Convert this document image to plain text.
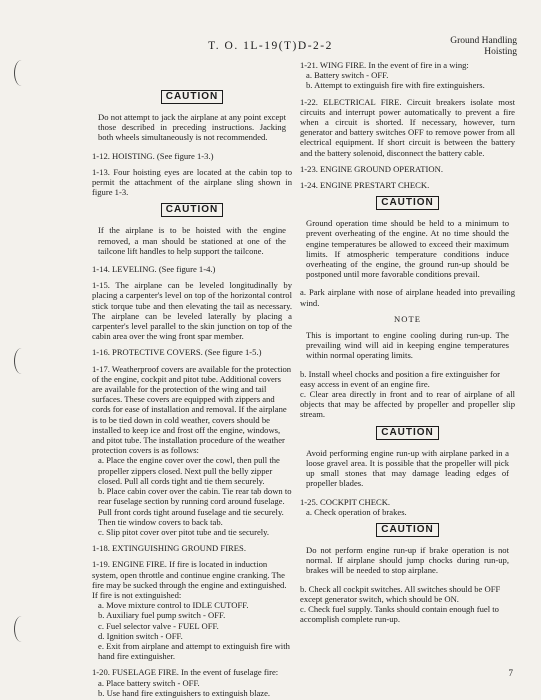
T. O. 1L-19(T)D-2-2	Ground Handling
Hoisting
CAUTION

Do not attempt to jack the airplane at any point except those described in preceding instructions. Jacking both wheels simultaneously is not recommended.

1-12. HOISTING. (See figure 1-3.)

1-13. Four hoisting eyes are located at the cabin top to permit the attachment of the airplane sling shown in figure 1-3.

CAUTION

If the airplane is to be hoisted with the engine removed, a man should be stationed at one of the tailcone lift handles to help support the tailcone.

1-14. LEVELING. (See figure 1-4.)

1-15. The airplane can be leveled longitudinally by placing a carpenter's level on top of the horizontal control stick torque tube and then elevating the tail as necessary. The airplane can be leveled laterally by placing a carpenter's level parallel to the skin junction on top of the cabin area over the wing front spar member.

1-16. PROTECTIVE COVERS. (See figure 1-5.)

1-17. Weatherproof covers are available for the protection of the engine, cockpit and pitot tube. Additional covers are available for the protection of the wing and tail surfaces. These covers are equipped with zippers and cords for ease of installation and removal. If the airplane is to be tied down in cold weather, covers should be installed to keep ice and frost off the engine, windows, and pitot tube. The installation procedure of the weather protection covers is as follows:

a. Place the engine cover over the cowl, then pull the propeller zippers closed. Next pull the belly zipper closed. Pull all cords tight and tie them securely.

b. Place cabin cover over the cabin. Tie rear tab down to rear fuselage section by running cord around fuselage. Pull front cords tight around fuselage and tie securely. Then tie window covers to back tab.

c. Slip pitot cover over pitot tube and tie securely.

1-18. EXTINGUISHING GROUND FIRES.

1-19. ENGINE FIRE. If fire is located in induction system, open throttle and continue engine cranking. The fire may be sucked through the engine and extinguished. If fire is not extinguished:

a. Move mixture control to IDLE CUTOFF.

b. Auxiliary fuel pump switch - OFF.

c. Fuel selector valve - FUEL OFF.

d. Ignition switch - OFF.

e. Exit from airplane and attempt to extinguish fire with hand fire extinguisher.

1-20. FUSELAGE FIRE. In the event of fuselage fire:

a. Place battery switch - OFF.

b. Use hand fire extinguishers to extinguish blaze.

1-21. WING FIRE. In the event of fire in a wing:

a. Battery switch - OFF.

b. Attempt to extinguish fire with fire extinguishers.

1-22. ELECTRICAL FIRE. Circuit breakers isolate most circuits and interrupt power automatically to prevent a fire when a circuit is shorted. If necessary, however, turn generator and battery switches OFF to remove power from all electrical equipment. If short circuit is between the battery and the battery solenoid, disconnect the battery cable.

1-23. ENGINE GROUND OPERATION.

1-24. ENGINE PRESTART CHECK.

CAUTION

Ground operation time should be held to a minimum to prevent overheating of the engine. At no time should the engine temperatures be allowed to exceed their maximum limits. If atmospheric temperature conditions induce overheating of the engine, the ground run-up should be postponed until more favorable conditions prevail.

a. Park airplane with nose of airplane headed into prevailing wind.

NOTE

This is important to engine cooling during run-up. The prevailing wind will aid in keeping engine temperatures within normal operating limits.

b. Install wheel chocks and position a fire extinguisher for easy access in event of an engine fire.

c. Clear area directly in front and to rear of airplane of all objects that may be affected by propeller and propeller slip stream.

CAUTION

Avoid performing engine run-up with airplane parked in a loose gravel area. It is possible that the propeller will pick up small stones that may damage leading edges of propeller blades.

1-25. COCKPIT CHECK.

a. Check operation of brakes.

CAUTION

Do not perform engine run-up if brake operation is not normal. If airplane should jump chocks during run-up, brakes will be needed to stop airplane.

b. Check all cockpit switches. All switches should be OFF except generator switch, which should be ON.

c. Check fuel supply. Tanks should contain enough fuel to accomplish complete run-up.

7
